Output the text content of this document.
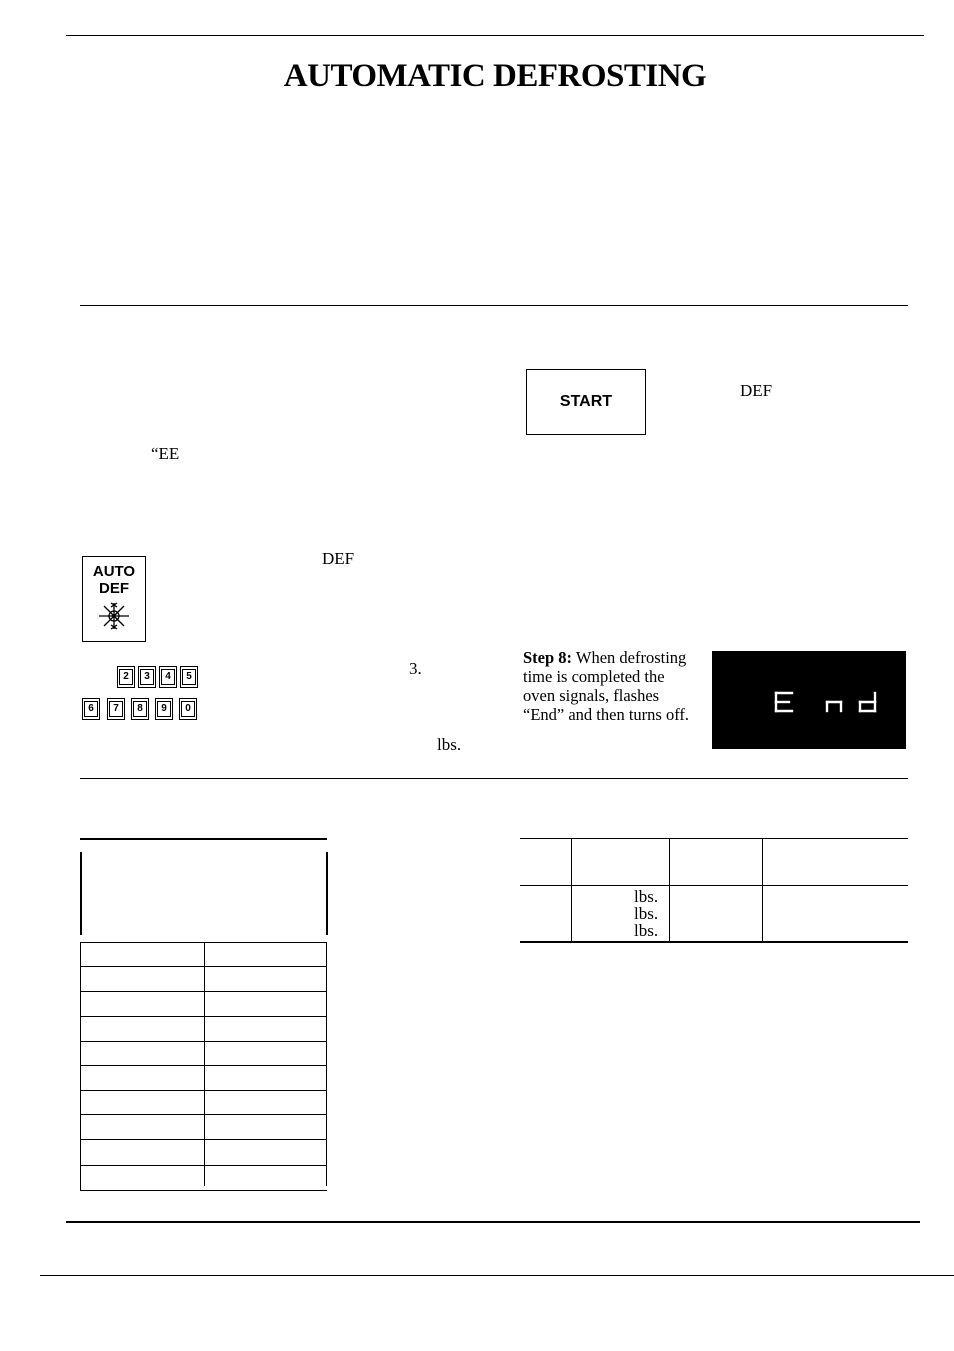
AUTOMATIC DEFROSTING
START
DEF
“EE
AUTO
DEF
DEF
2	3	4	5
6	7	8	9	0
3.
lbs.
Step 8: When defrosting
time is completed the
oven signals, flashes
“End” and then turns off.
lbs.
lbs.
lbs.
